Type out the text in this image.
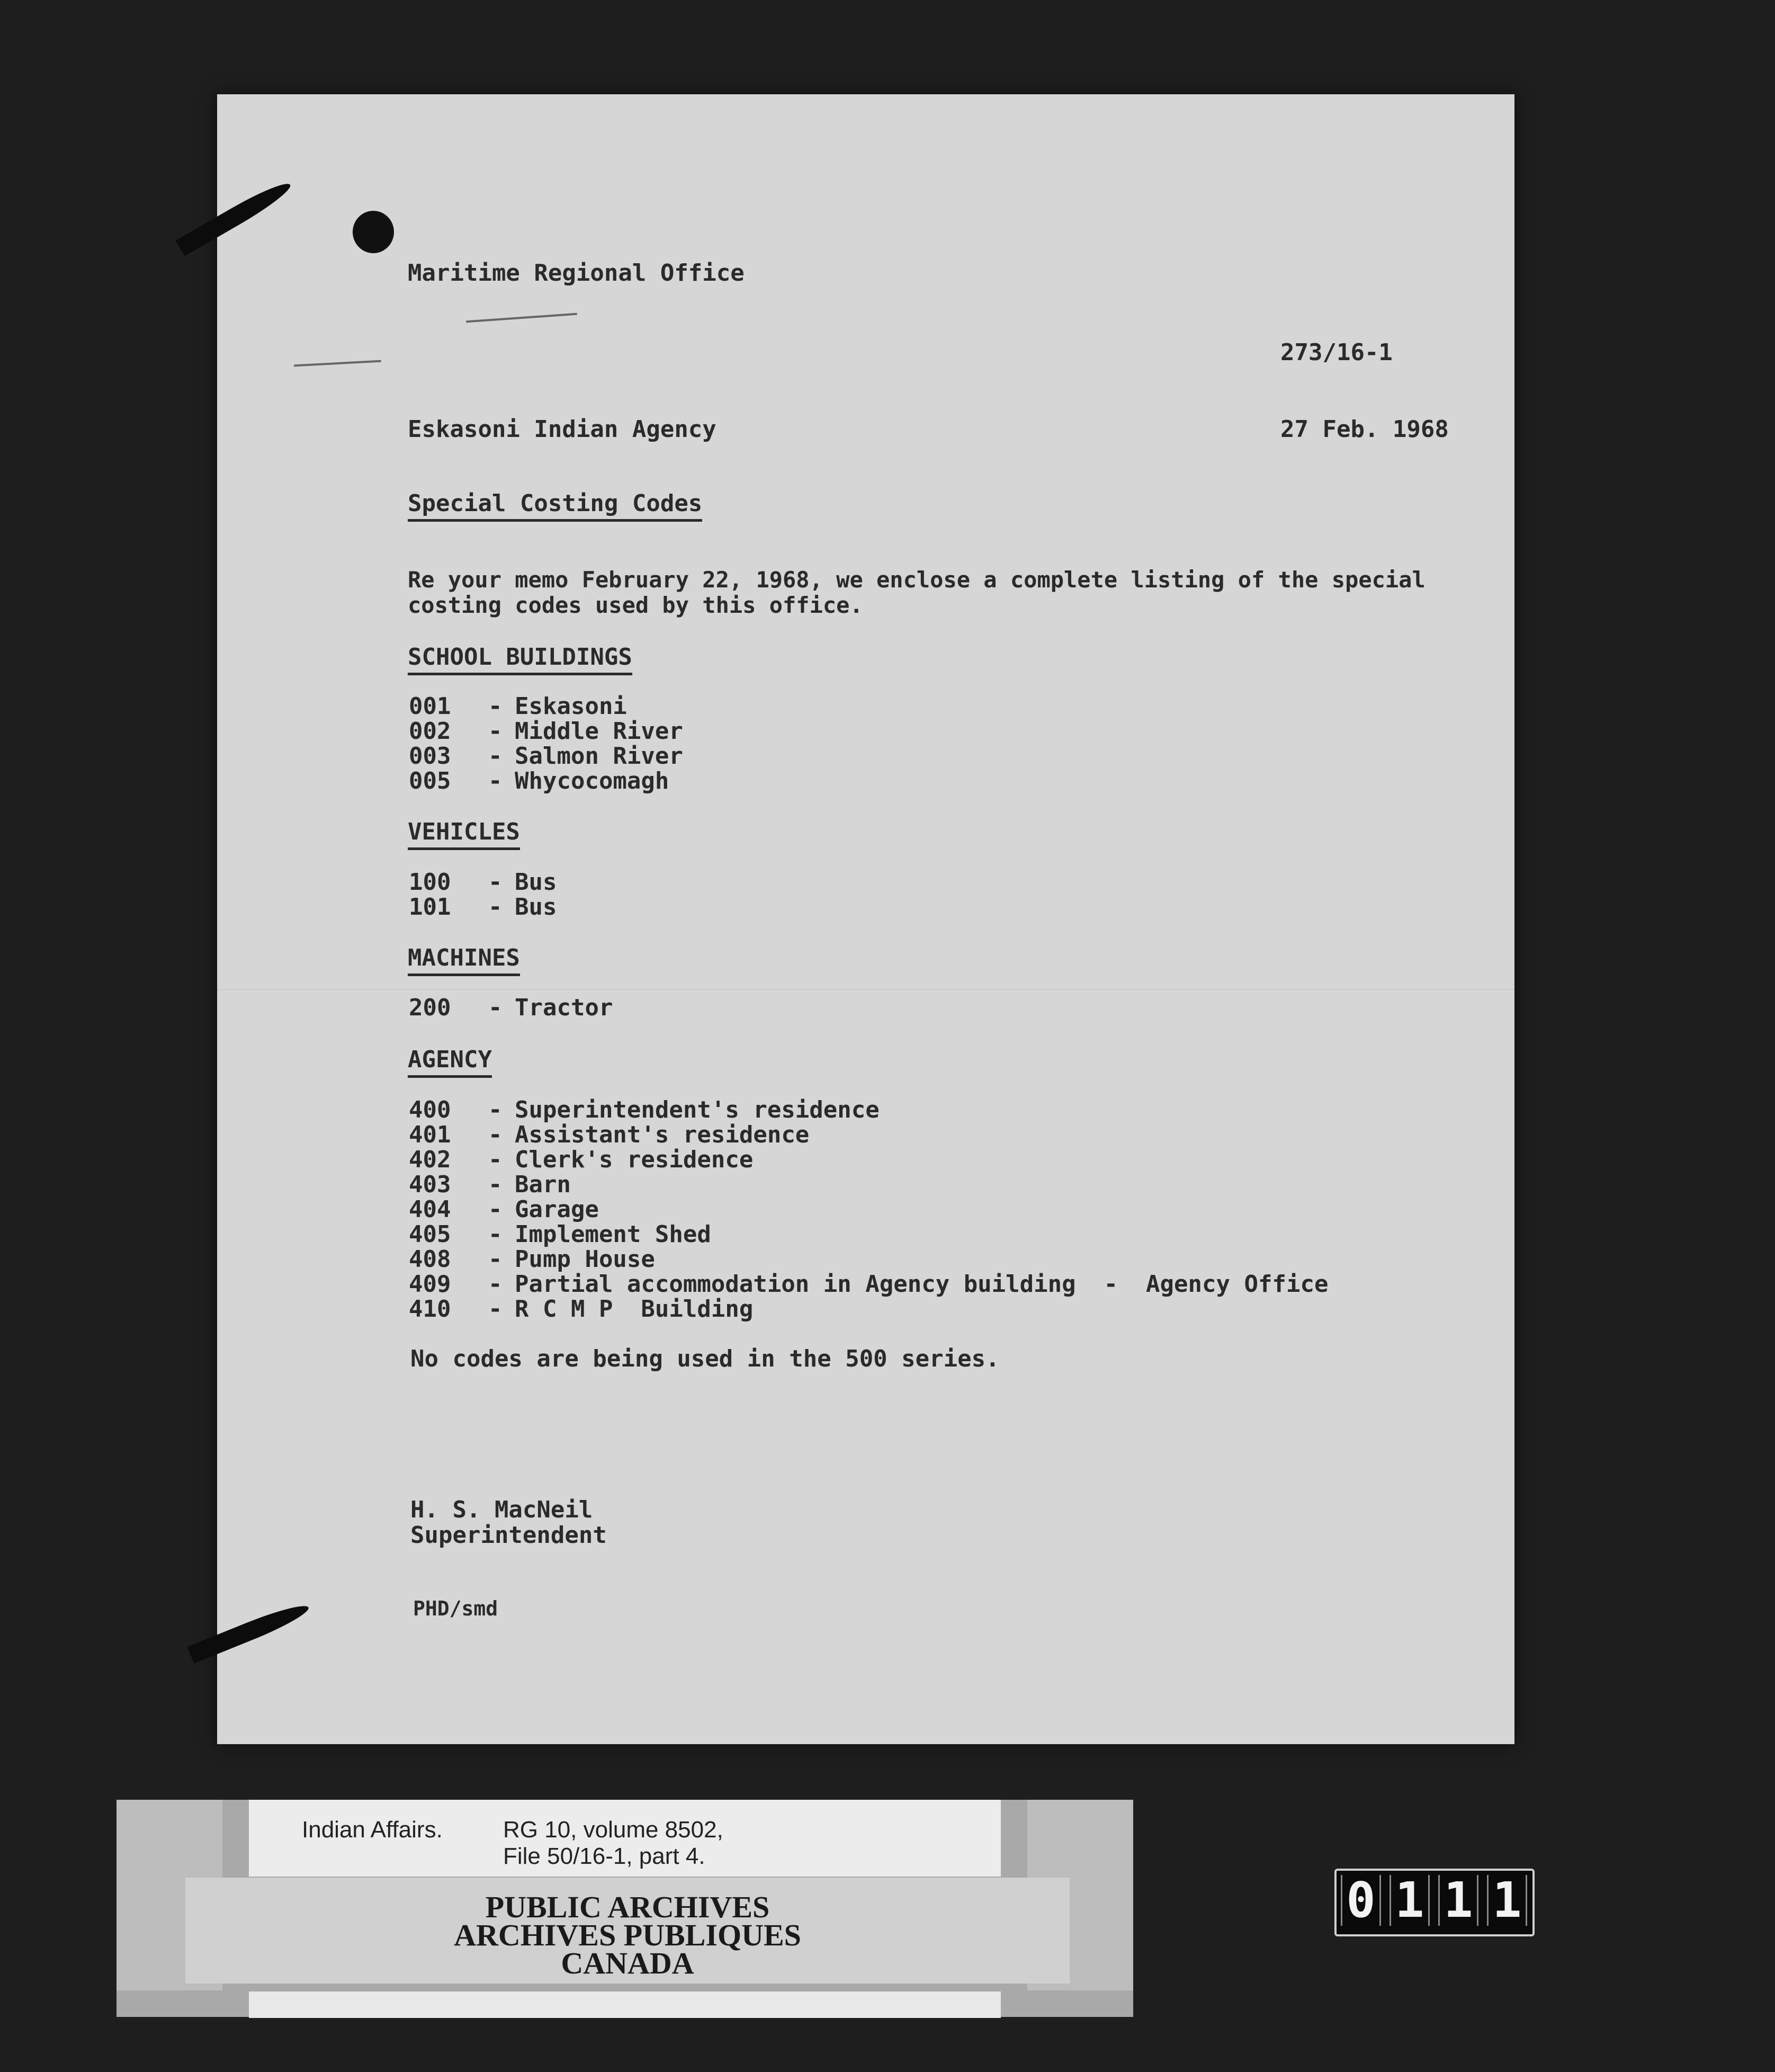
Maritime Regional Office
273/16-1
Eskasoni Indian Agency	27 Feb. 1968
Special Costing Codes
Re your memo February 22, 1968, we enclose a complete listing of the special
costing codes used by this office.
SCHOOL BUILDINGS
001 - Eskasoni
002 - Middle River
003 - Salmon River
005 - Whycocomagh
VEHICLES
100 - Bus
101 - Bus
MACHINES
200 - Tractor
AGENCY
400 - Superintendent's residence
401 - Assistant's residence
402 - Clerk's residence
403 - Barn
404 - Garage
405 - Implement Shed
408 - Pump House
409 - Partial accommodation in Agency building  -  Agency Office
410 - R C M P  Building
No codes are being used in the 500 series.
H. S. MacNeil
Superintendent
PHD/smd
Indian Affairs.	RG 10, volume 8502,
File 50/16-1, part 4.
PUBLIC ARCHIVES
ARCHIVES PUBLIQUES
CANADA
0 1 1 1
